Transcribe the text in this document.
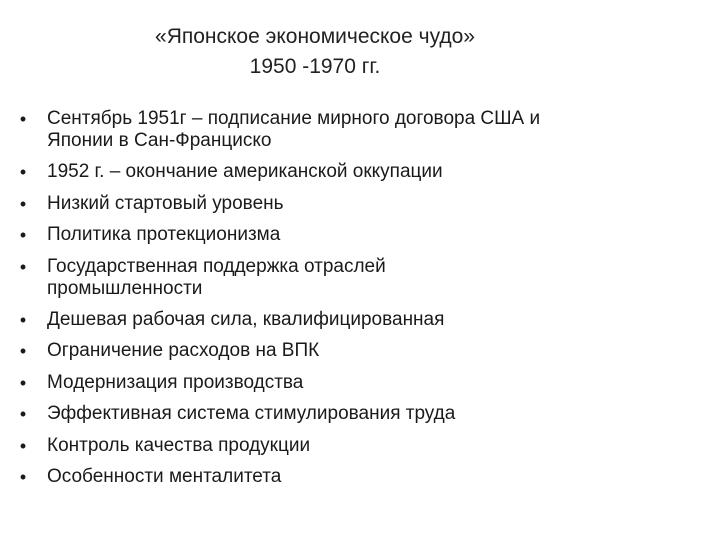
«Японское экономическое чудо»
1950 -1970 гг.
• Сентябрь 1951г – подписание мирного договора США и Японии в Сан-Франциско
• 1952 г. – окончание американской оккупации
• Низкий стартовый уровень
• Политика протекционизма
• Государственная поддержка отраслей промышленности
• Дешевая рабочая сила, квалифицированная
• Ограничение расходов на ВПК
• Модернизация производства
• Эффективная система стимулирования труда
• Контроль качества продукции
• Особенности менталитета
